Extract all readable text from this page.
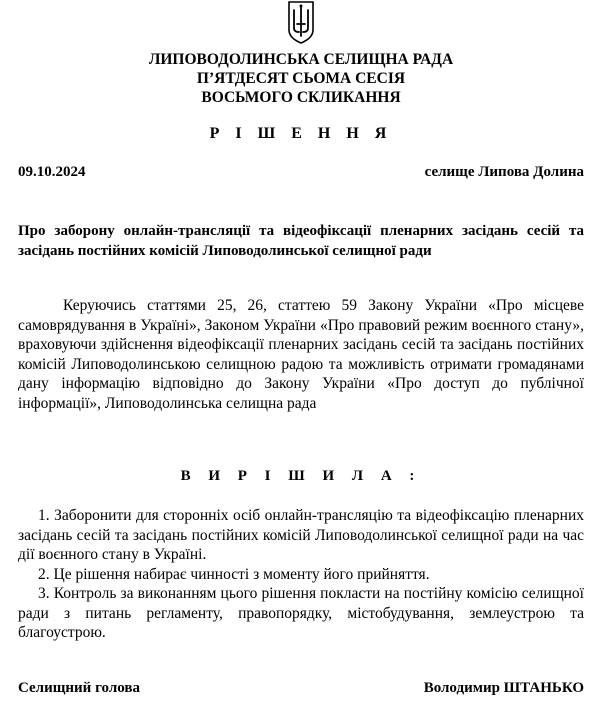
ЛИПОВОДОЛИНСЬКА СЕЛИЩНА РАДА
П’ЯТДЕСЯТ СЬОМА СЕСІЯ
ВОСЬМОГО СКЛИКАННЯ
Р І Ш Е Н Н Я
09.10.2024	селище Липова Долина
Про заборону онлайн-трансляції та відеофіксації пленарних засідань сесій та засідань постійних комісій Липоводолинської селищної ради
Керуючись статтями 25, 26, статтею 59 Закону України «Про місцеве самоврядування в Україні», Законом України «Про правовий режим воєнного стану», враховуючи здійснення відеофіксації пленарних засідань сесій та засідань постійних комісій Липоводолинською селищною радою та можливість отримати громадянами дану інформацію відповідно до Закону України «Про доступ до публічної інформації», Липоводолинська селищна рада
В И Р І Ш И Л А :
1. Заборонити для сторонніх осіб онлайн-трансляцію та відеофіксацію пленарних засідань сесій та засідань постійних комісій Липоводолинської селищної ради на час дії воєнного стану в Україні.
2. Це рішення набирає чинності з моменту його прийняття.
3. Контроль за виконанням цього рішення покласти на постійну комісію селищної ради з питань регламенту, правопорядку, містобудування, землеустрою та благоустрою.
Селищний голова	Володимир ШТАНЬКО
